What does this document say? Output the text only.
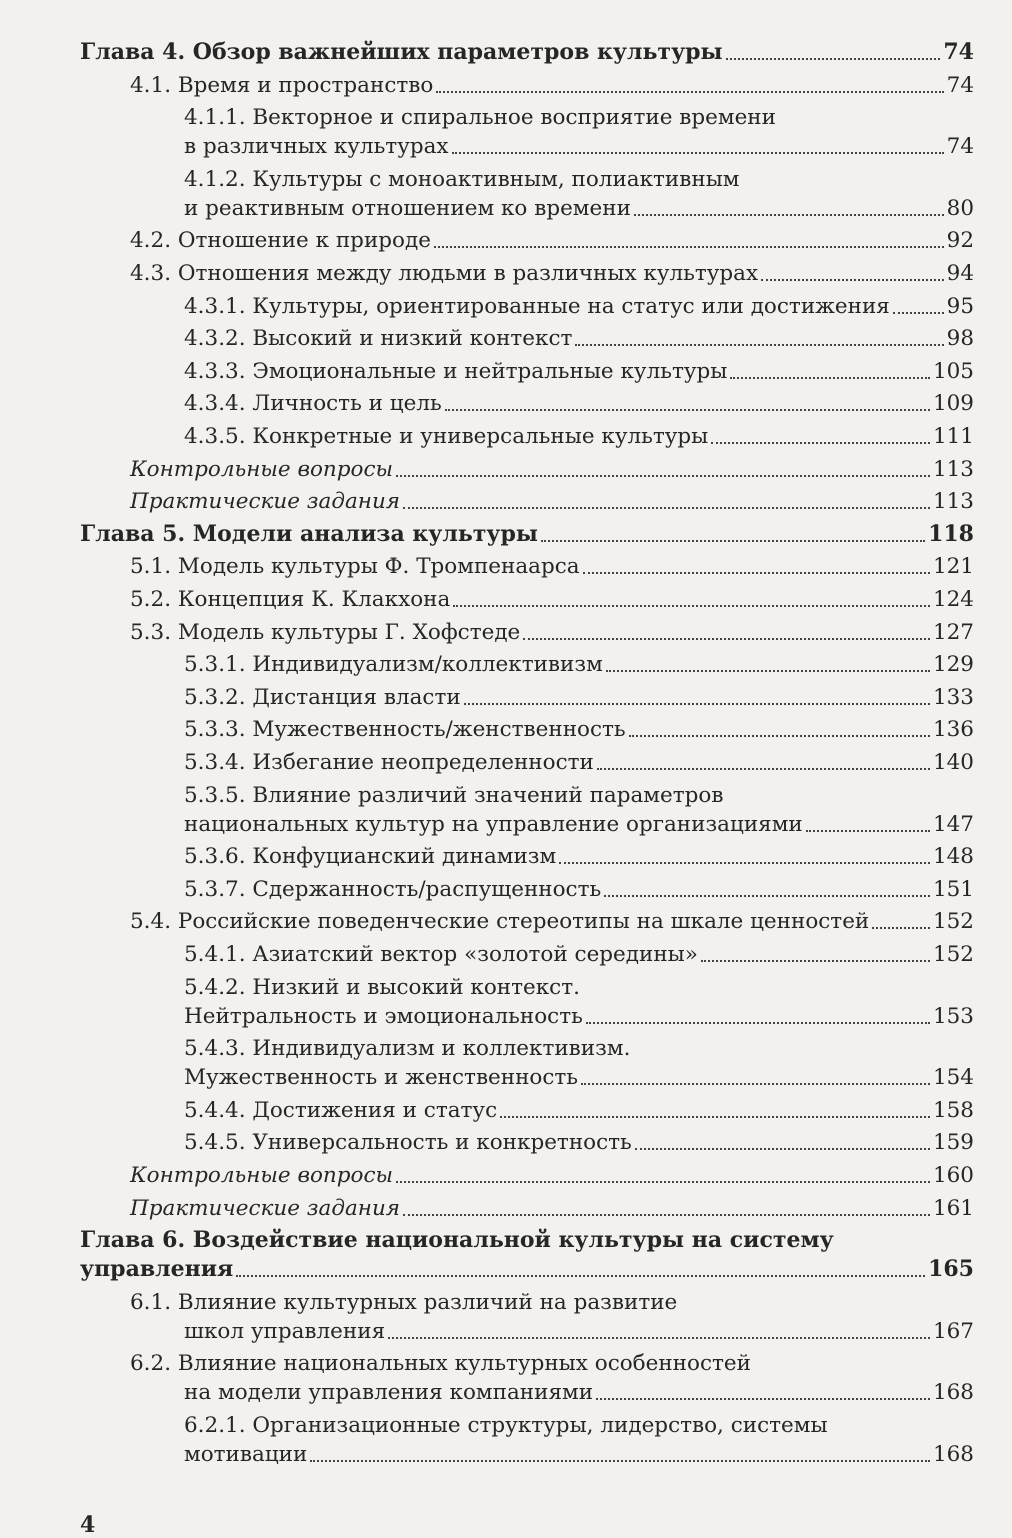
Глава 4. Обзор важнейших параметров культуры	74
4.1. Время и пространство	74
4.1.1. Векторное и спиральное восприятие времени
в различных культурах	74
4.1.2. Культуры с моноактивным, полиактивным
и реактивным отношением ко времени	80
4.2. Отношение к природе	92
4.3. Отношения между людьми в различных культурах	94
4.3.1. Культуры, ориентированные на статус или достижения	95
4.3.2. Высокий и низкий контекст	98
4.3.3. Эмоциональные и нейтральные культуры	105
4.3.4. Личность и цель	109
4.3.5. Конкретные и универсальные культуры	111
Контрольные вопросы	113
Практические задания	113
Глава 5. Модели анализа культуры	118
5.1. Модель культуры Ф. Тромпенаарса	121
5.2. Концепция К. Клакхона	124
5.3. Модель культуры Г. Хофстеде	127
5.3.1. Индивидуализм/коллективизм	129
5.3.2. Дистанция власти	133
5.3.3. Мужественность/женственность	136
5.3.4. Избегание неопределенности	140
5.3.5. Влияние различий значений параметров
национальных культур на управление организациями	147
5.3.6. Конфуцианский динамизм	148
5.3.7. Сдержанность/распущенность	151
5.4. Российские поведенческие стереотипы на шкале ценностей	152
5.4.1. Азиатский вектор «золотой середины»	152
5.4.2. Низкий и высокий контекст.
Нейтральность и эмоциональность	153
5.4.3. Индивидуализм и коллективизм.
Мужественность и женственность	154
5.4.4. Достижения и статус	158
5.4.5. Универсальность и конкретность	159
Контрольные вопросы	160
Практические задания	161
Глава 6. Воздействие национальной культуры на систему
управления	165
6.1. Влияние культурных различий на развитие
школ управления	167
6.2. Влияние национальных культурных особенностей
на модели управления компаниями	168
6.2.1. Организационные структуры, лидерство, системы
мотивации	168
4
